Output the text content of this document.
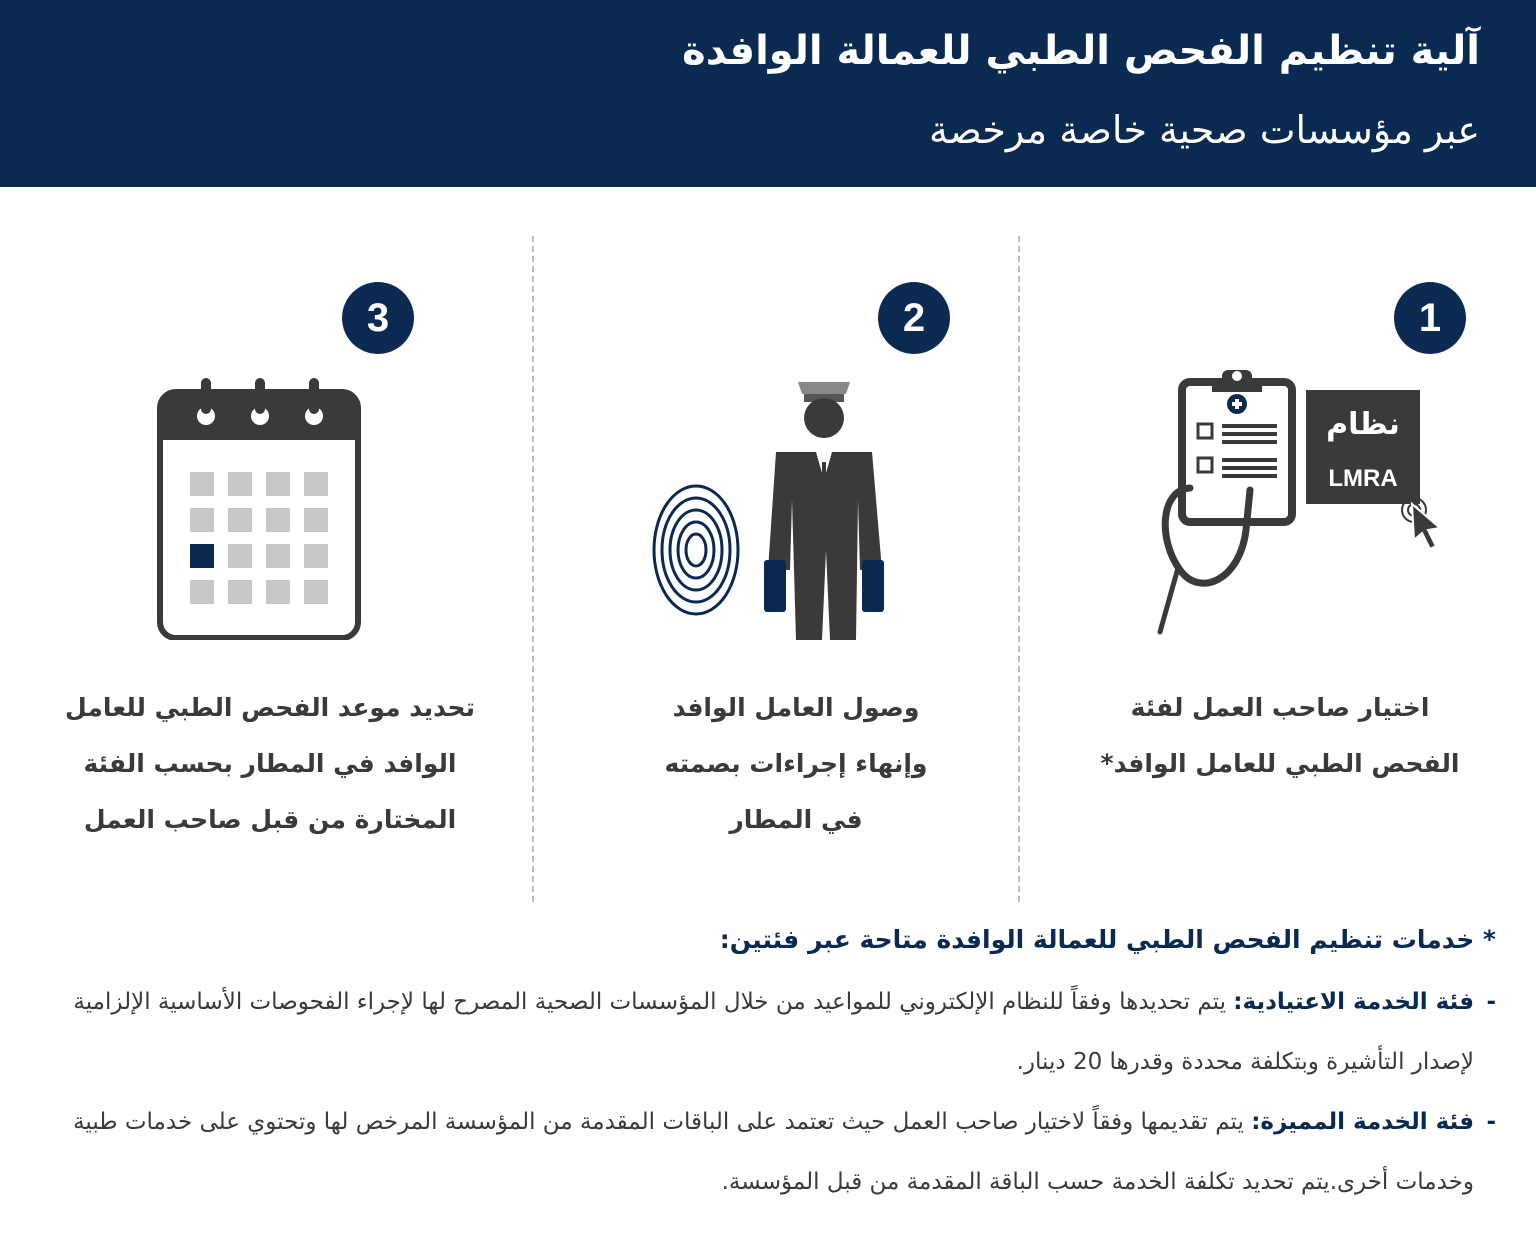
آلية تنظيم الفحص الطبي للعمالة الوافدة
عبر مؤسسات صحية خاصة مرخصة
1
نظام
LMRA
اختيار صاحب العمل لفئة
الفحص الطبي للعامل الوافد*
2
وصول العامل الوافد
وإنهاء إجراءات بصمته
في المطار
3
تحديد موعد الفحص الطبي للعامل
الوافد في المطار بحسب الفئة
المختارة من قبل صاحب العمل
* خدمات تنظيم الفحص الطبي للعمالة الوافدة متاحة عبر فئتين:
-
فئة الخدمة الاعتيادية: يتم تحديدها وفقاً للنظام الإلكتروني للمواعيد من خلال المؤسسات الصحية المصرح لها لإجراء الفحوصات الأساسية الإلزامية لإصدار التأشيرة وبتكلفة محددة وقدرها 20 دينار.
-
فئة الخدمة المميزة: يتم تقديمها وفقاً لاختيار صاحب العمل حيث تعتمد على الباقات المقدمة من المؤسسة المرخص لها وتحتوي على خدمات طبية وخدمات أخرى.يتم تحديد تكلفة الخدمة حسب الباقة المقدمة من قبل المؤسسة.
